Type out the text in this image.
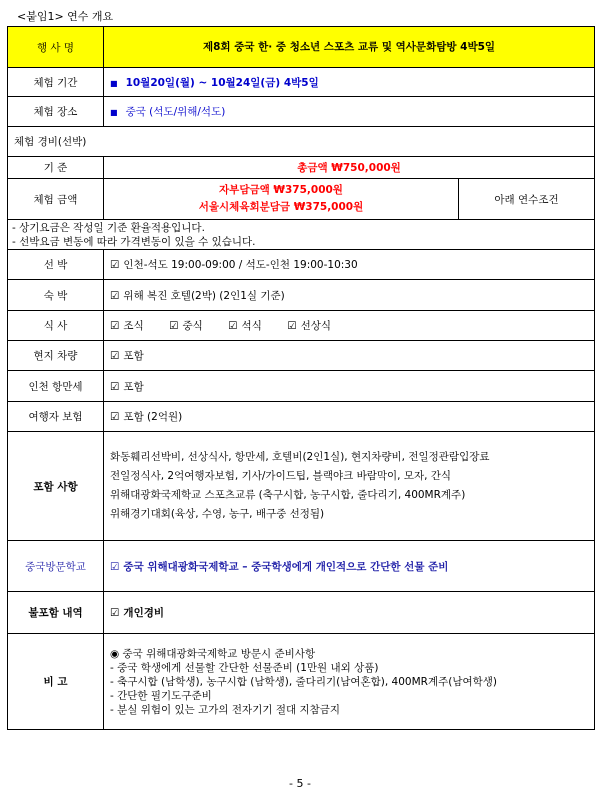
<붙임1> 연수 개요
행 사 명	제8회 중국 한· 중 청소년 스포츠 교류 및 역사문화탐방 4박5일	
체험 기간	■ 10월20일(월) ~ 10월24일(금) 4박5일	
체험 장소	■ 중국 (석도/위해/석도)	
체험 경비(선박)		
기 준	총금액 ₩750,000원	
체험 금액	자부담금액 ₩375,000원
서울시체육회분담금 ₩375,000원	아래 연수조건

- 상기요금은 작성일 기준 환율적용입니다.
- 선박요금 변동에 따라 가격변동이 있을 수 있습니다.		

선 박	☑ 인천-석도 19:00-09:00 / 석도-인천 19:00-10:30	
숙 박	☑ 위해 복진 호텔(2박) (2인1실 기준)	
식 사	☑ 조식 ☑ 중식 ☑ 석식 ☑ 선상식	
현지 차량	☑ 포함	
인천 항만세	☑ 포함	
여행자 보험	☑ 포함 (2억원)	
포함 사항	화동훼리선박비, 선상식사, 항만세, 호텔비(2인1실), 현지차량비, 전일정관람입장료
전일정식사, 2억여행자보험, 기사/가이드팁, 블랙야크 바람막이, 모자, 간식
위해대광화국제학교 스포츠교류 (축구시합, 농구시합, 줄다리기, 400MR계주)
위해경기대회(육상, 수영, 농구, 배구중 선정됨)	

중국방문학교	☑ 중국 위해대광화국제학교 – 중국학생에게 개인적으로 간단한 선물 준비	
불포함 내역	☑ 개인경비	
비 고	◉ 중국 위해대광화국제학교 방문시 준비사항
- 중국 학생에게 선물할 간단한 선물준비 (1만원 내외 상품)
- 축구시합 (남학생), 농구시합 (남학생), 줄다리기(남여혼합), 400MR계주(남여학생)
- 간단한 필기도구준비
- 분실 위험이 있는 고가의 전자기기 절대 지참금지	
- 5 -
